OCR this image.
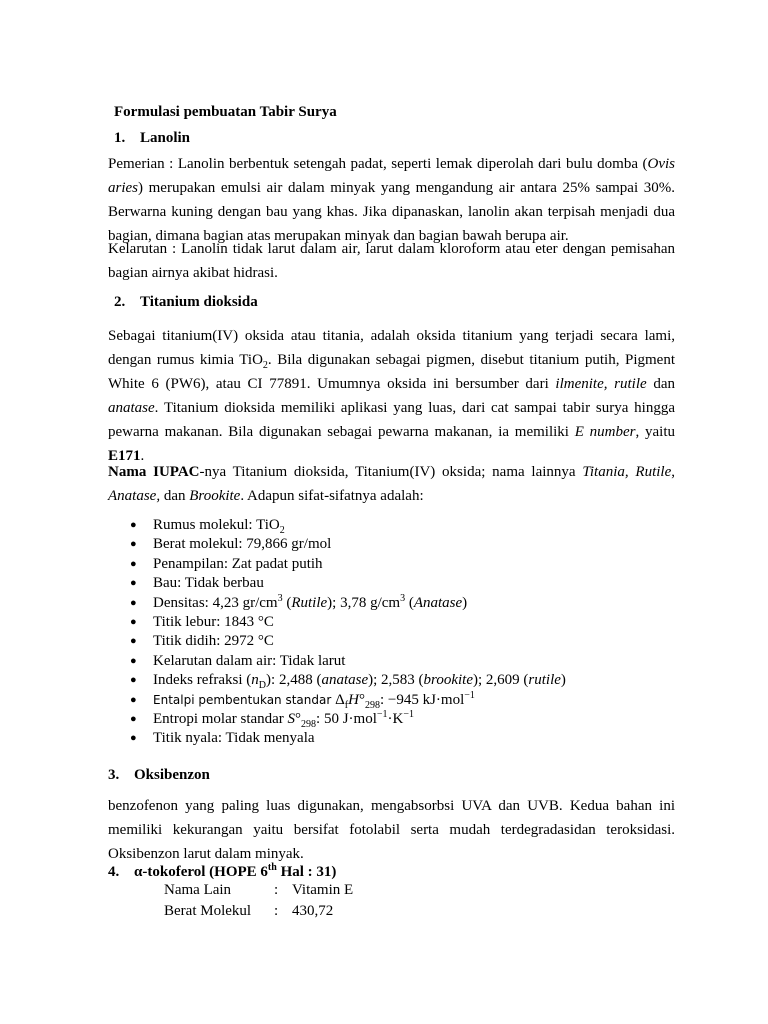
Formulasi pembuatan Tabir Surya
1. Lanolin
Pemerian : Lanolin berbentuk setengah padat, seperti lemak diperolah dari bulu domba (Ovis aries) merupakan emulsi air dalam minyak yang mengandung air antara 25% sampai 30%. Berwarna kuning dengan bau yang khas. Jika dipanaskan, lanolin akan terpisah menjadi dua bagian, dimana bagian atas merupakan minyak dan bagian bawah berupa air.
Kelarutan : Lanolin tidak larut dalam air, larut dalam kloroform atau eter dengan pemisahan bagian airnya akibat hidrasi.
2. Titanium dioksida
Sebagai titanium(IV) oksida atau titania, adalah oksida titanium yang terjadi secara lami, dengan rumus kimia TiO$_2$. Bila digunakan sebagai pigmen, disebut titanium putih, Pigment White 6 (PW6), atau CI 77891. Umumnya oksida ini bersumber dari ilmenite, rutile dan anatase. Titanium dioksida memiliki aplikasi yang luas, dari cat sampai tabir surya hingga pewarna makanan. Bila digunakan sebagai pewarna makanan, ia memiliki E number, yaitu E171.
Nama IUPAC-nya Titanium dioksida, Titanium(IV) oksida; nama lainnya Titania, Rutile, Anatase, dan Brookite. Adapun sifat-sifatnya adalah:
● Rumus molekul: TiO$_2$
● Berat molekul: 79,866 gr/mol
● Penampilan: Zat padat putih
● Bau: Tidak berbau
● Densitas: 4,23 $gr/cm^3$ (Rutile); 3,78 $g/cm^3$ (Anatase)
● Titik lebur: 1843 °C
● Titik didih: 2972 °C
● Kelarutan dalam air: Tidak larut
● Indeks refraksi $(n_D)$: 2,488 (anatase); 2,583 (brookite); 2,609 (rutile)
● Entalpi pembentukan standar $\Delta_fH^\circ_{298}$: −945 kJ·mol$^{-1}$
● Entropi molar standar $S^\circ_{298}$: 50 $J\cdot mol^{-1}\cdot K^{-1}$
● Titik nyala: Tidak menyala
3. Oksibenzon
benzofenon yang paling luas digunakan, mengabsorbsi UVA dan UVB. Kedua bahan ini memiliki kekurangan yaitu bersifat fotolabil serta mudah terdegradasidan teroksidasi. Oksibenzon larut dalam minyak.
4. α-tokoferol (HOPE 6th Hal : 31)
Nama Lain	: Vitamin E
Berat Molekul : 430,72
